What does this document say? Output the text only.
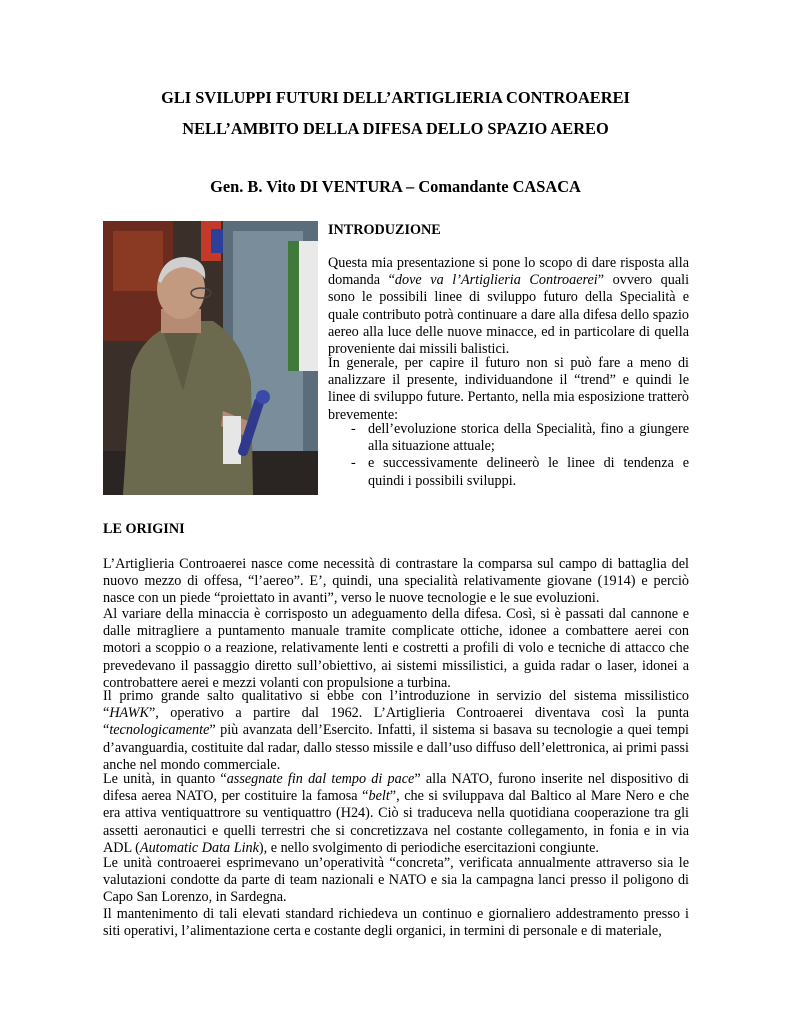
GLI SVILUPPI FUTURI DELL’ARTIGLIERIA CONTROAEREI
NELL’AMBITO DELLA DIFESA DELLO SPAZIO AEREO
Gen. B. Vito DI VENTURA – Comandante CASACA
INTRODUZIONE

Questa mia presentazione si pone lo scopo di dare risposta alla domanda “dove va l’Artiglieria Controaerei” ovvero quali sono le possibili linee di sviluppo futuro della Specialità e quale contributo potrà continuare a dare alla difesa dello spazio aereo alla luce delle nuove minacce, ed in particolare di quella proveniente dai missili balistici.

In generale, per capire il futuro non si può fare a meno di analizzare il presente, individuandone il “trend” e quindi le linee di sviluppo future. Pertanto, nella mia esposizione tratterò brevemente:

- dell’evoluzione storica della Specialità, fino a giungere alla situazione attuale;
- e successivamente delineerò le linee di tendenza e quindi i possibili sviluppi.
LE ORIGINI

L’Artiglieria Controaerei nasce come necessità di contrastare la comparsa sul campo di battaglia del nuovo mezzo di offesa, “l’aereo”. E’, quindi, una specialità relativamente giovane (1914) e perciò nasce con un piede “proiettato in avanti”, verso le nuove tecnologie e le sue evoluzioni.

Al variare della minaccia è corrisposto un adeguamento della difesa. Così, si è passati dal cannone e dalle mitragliere a puntamento manuale tramite complicate ottiche, idonee a combattere aerei con motori a scoppio o a reazione, relativamente lenti e costretti a profili di volo e tecniche di attacco che prevedevano il passaggio diretto sull’obiettivo, ai sistemi missilistici, a guida radar o laser, idonei a controbattere aerei e mezzi volanti con propulsione a turbina.

Il primo grande salto qualitativo si ebbe con l’introduzione in servizio del sistema missilistico “HAWK”, operativo a partire dal 1962. L’Artiglieria Controaerei diventava così la punta “tecnologicamente” più avanzata dell’Esercito. Infatti, il sistema si basava su tecnologie a quei tempi d’avanguardia, costituite dal radar, dallo stesso missile e dall’uso diffuso dell’elettronica, ai primi passi anche nel mondo commerciale.

Le unità, in quanto “assegnate fin dal tempo di pace” alla NATO, furono inserite nel dispositivo di difesa aerea NATO, per costituire la famosa “belt”, che si sviluppava dal Baltico al Mare Nero e che era attiva ventiquattrore su ventiquattro (H24). Ciò si traduceva nella quotidiana cooperazione tra gli assetti aeronautici e quelli terrestri che si concretizzava nel costante collegamento, in fonia e in via ADL (Automatic Data Link), e nello svolgimento di periodiche esercitazioni congiunte.

Le unità controaerei esprimevano un’operatività “concreta”, verificata annualmente attraverso sia le valutazioni condotte da parte di team nazionali e NATO e sia la campagna lanci presso il poligono di Capo San Lorenzo, in Sardegna.

Il mantenimento di tali elevati standard richiedeva un continuo e giornaliero addestramento presso i siti operativi, l’alimentazione certa e costante degli organici, in termini di personale e di materiale,
